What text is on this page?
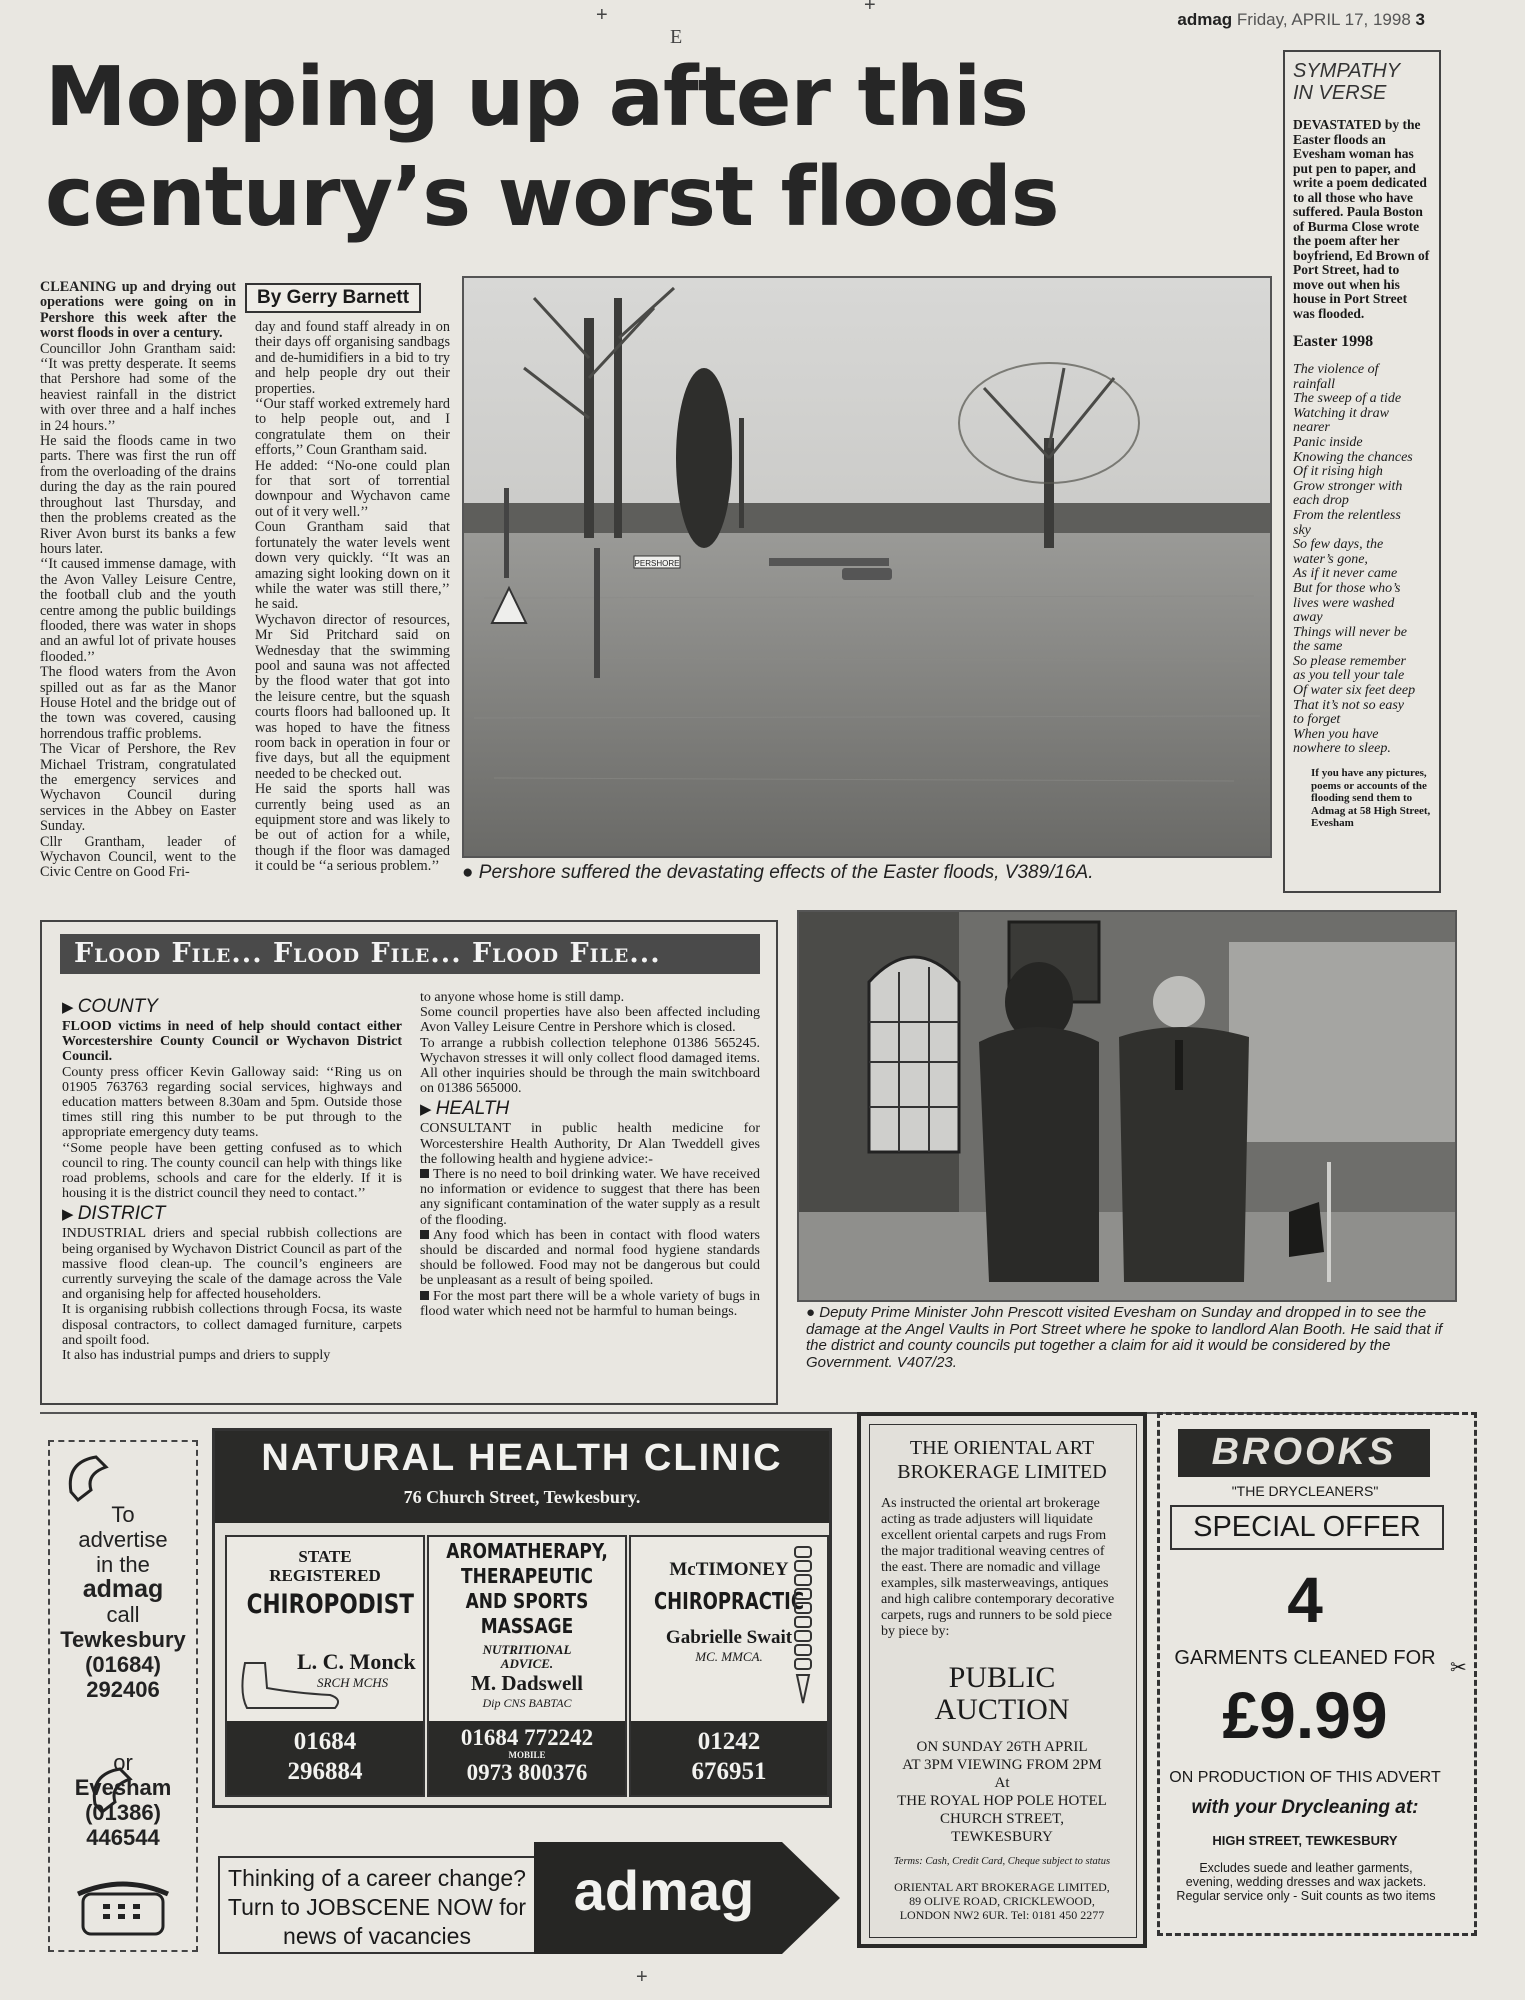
+	+
E
+
admag Friday, APRIL 17, 1998 3
Mopping up after this
century’s worst floods
By Gerry Barnett

CLEANING up and drying out operations were going on in Pershore this week after the worst floods in over a century.

Councillor John Grantham said: ‘‘It was pretty desperate. It seems that Pershore had some of the heaviest rainfall in the district with over three and a half inches in 24 hours.’’

He said the floods came in two parts. There was first the run off from the overloading of the drains during the day as the rain poured throughout last Thursday, and then the problems created as the River Avon burst its banks a few hours later.

‘‘It caused immense damage, with the Avon Valley Leisure Centre, the football club and the youth centre among the public buildings flooded, there was water in shops and an awful lot of private houses flooded.’’

The flood waters from the Avon spilled out as far as the Manor House Hotel and the bridge out of the town was covered, causing horrendous traffic problems.

The Vicar of Pershore, the Rev Michael Tristram, congratulated the emergency services and Wychavon Council during services in the Abbey on Easter Sunday.

Cllr Grantham, leader of Wychavon Council, went to the Civic Centre on Good Fri-

day and found staff already in on their days off organising sandbags and de-humidifiers in a bid to try and help people dry out their properties.

‘‘Our staff worked extremely hard to help people out, and I congratulate them on their efforts,’’ Coun Grantham said.

He added: ‘‘No-one could plan for that sort of torrential downpour and Wychavon came out of it very well.’’

Coun Grantham said that fortunately the water levels went down very quickly. ‘‘It was an amazing sight looking down on it while the water was still there,’’ he said.

Wychavon director of resources, Mr Sid Pritchard said on Wednesday that the swimming pool and sauna was not affected by the flood water that got into the leisure centre, but the squash courts floors had ballooned up. It was hoped to have the fitness room back in operation in four or five days, but all the equipment needed to be checked out.

He said the sports hall was currently being used as an equipment store and was likely to be out of action for a while, though if the floor was damaged it could be ‘‘a serious problem.’’

PERSHORE
● Pershore suffered the devastating effects of the Easter floods, V389/16A.
SYMPATHY
IN VERSE
DEVASTATED by the Easter floods an Evesham woman has put pen to paper, and write a poem dedicated to all those who have suffered. Paula Boston of Burma Close wrote the poem after her boyfriend, Ed Brown of Port Street, had to move out when his house in Port Street was flooded.
Easter 1998
The violence of
rainfall
The sweep of a tide
Watching it draw
nearer
Panic inside
Knowing the chances
Of it rising high
Grow stronger with
each drop
From the relentless
sky
So few days, the
water’s gone,
As if it never came
But for those who’s
lives were washed
away
Things will never be
the same
So please remember
as you tell your tale
Of water six feet deep
That it’s not so easy
to forget
When you have
nowhere to sleep.
If you have any pictures, poems or accounts of the flooding send them to Admag at 58 High Street, Evesham
Flood File... Flood File... Flood File...
▶ COUNTY

FLOOD victims in need of help should contact either Worcestershire County Council or Wychavon District Council.

County press officer Kevin Galloway said: ‘‘Ring us on 01905 763763 regarding social services, highways and education matters between 8.30am and 5pm. Outside those times still ring this number to be put through to the appropriate emergency duty teams.

‘‘Some people have been getting confused as to which council to ring. The county council can help with things like road problems, schools and care for the elderly. If it is housing it is the district council they need to contact.’’

▶ DISTRICT

INDUSTRIAL driers and special rubbish collections are being organised by Wychavon District Council as part of the massive flood clean-up. The council’s engineers are currently surveying the scale of the damage across the Vale and organising help for affected householders.

It is organising rubbish collections through Focsa, its waste disposal contractors, to collect damaged furniture, carpets and spoilt food.

It also has industrial pumps and driers to supply

to anyone whose home is still damp.

Some council properties have also been affected including Avon Valley Leisure Centre in Pershore which is closed.

To arrange a rubbish collection telephone 01386 565245. Wychavon stresses it will only collect flood damaged items. All other inquiries should be through the main switchboard on 01386 565000.

▶ HEALTH

CONSULTANT in public health medicine for Worcestershire Health Authority, Dr Alan Tweddell gives the following health and hygiene advice:-

There is no need to boil drinking water. We have received no information or evidence to suggest that there has been any significant contamination of the water supply as a result of the flooding.

Any food which has been in contact with flood waters should be discarded and normal food hygiene standards should be followed. Food may not be dangerous but could be unpleasant as a result of being spoiled.

For the most part there will be a whole variety of bugs in flood water which need not be harmful to human beings.	● Deputy Prime Minister John Prescott visited Evesham on Sunday and dropped in to see the damage at the Angel Vaults in Port Street where he spoke to landlord Alan Booth. He said that if the district and county councils put together a claim for aid it would be considered by the Government. V407/23.
To
advertise
in the
admag
call
Tewkesbury
(01684)
292406
or
Evesham
(01386)
446544
NATURAL HEALTH CLINIC
76 Church Street, Tewkesbury.
STATE
REGISTERED
CHIROPODIST
L. C. Monck
SRCH MCHS
01684
296884
AROMATHERAPY,
THERAPEUTIC
AND SPORTS
MASSAGE
NUTRITIONAL
ADVICE.
M. Dadswell
Dip CNS BABTAC
01684 772242
MOBILE
0973 800376
McTIMONEY
CHIROPRACTIC
Gabrielle Swait
MC. MMCA.
01242
676951
Thinking of a career change?
Turn to JOBSCENE NOW for
news of vacancies
admag
THE ORIENTAL ART
BROKERAGE LIMITED
As instructed the oriental art brokerage acting as trade adjusters will liquidate excellent oriental carpets and rugs From the major traditional weaving centres of the east. There are nomadic and village examples, silk masterweavings, antiques and high calibre contemporary decorative carpets, rugs and runners to be sold piece by piece by:
PUBLIC
AUCTION
ON SUNDAY 26TH APRIL
AT 3PM VIEWING FROM 2PM
At
THE ROYAL HOP POLE HOTEL
CHURCH STREET,
TEWKESBURY
Terms: Cash, Credit Card, Cheque subject to status
ORIENTAL ART BROKERAGE LIMITED,
89 OLIVE ROAD, CRICKLEWOOD,
LONDON NW2 6UR. Tel: 0181 450 2277
BROOKS
"THE DRYCLEANERS"
SPECIAL OFFER
4
GARMENTS CLEANED FOR
£9.99
ON PRODUCTION OF THIS ADVERT
with your Drycleaning at:
HIGH STREET, TEWKESBURY
Excludes suede and leather garments, evening, wedding dresses and wax jackets. Regular service only - Suit counts as two items
✂
